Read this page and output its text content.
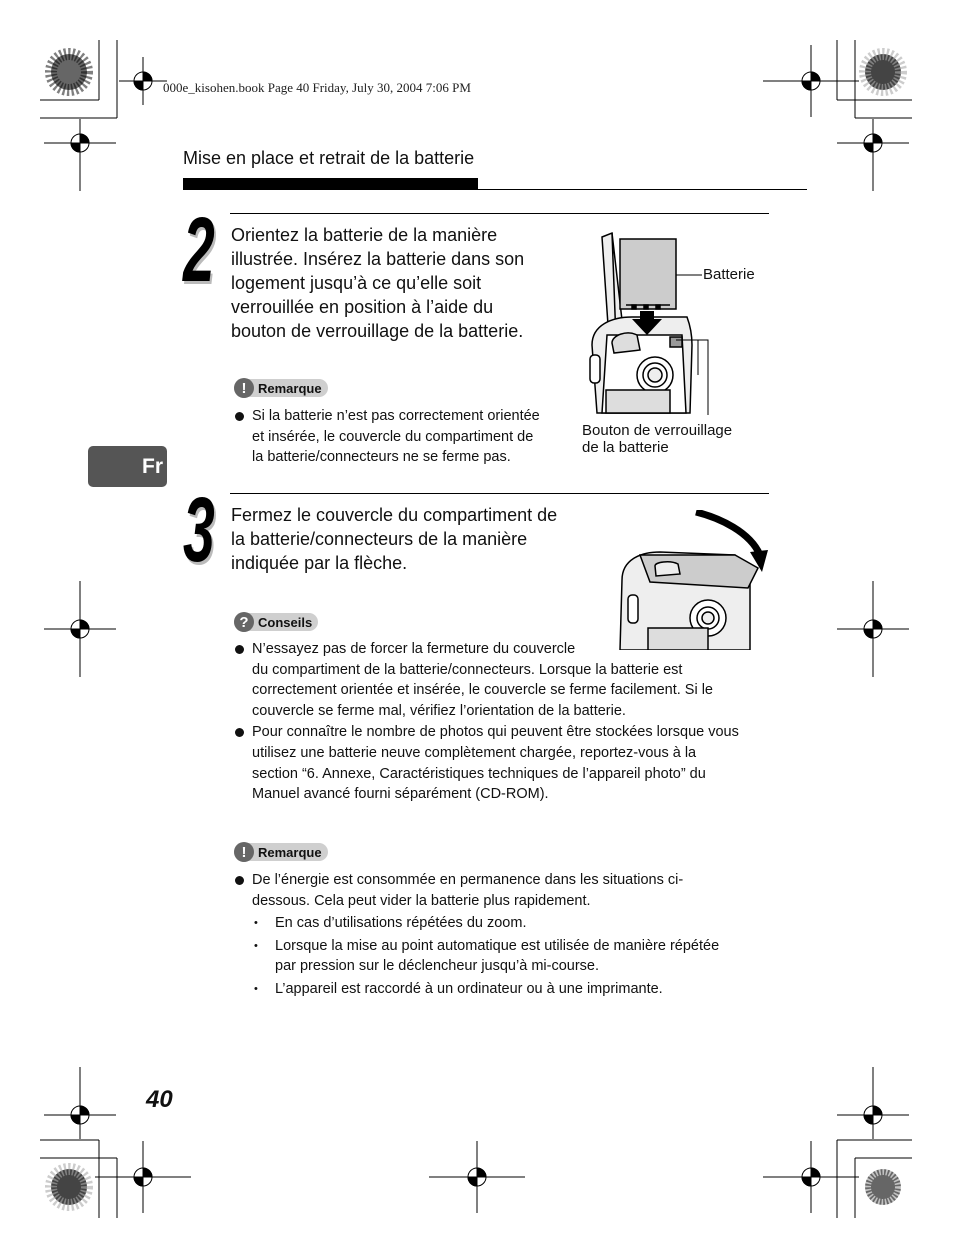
000e_kisohen.book Page 40 Friday, July 30, 2004 7:06 PM
Mise en place et retrait de la batterie
Fr
2 Orientez la batterie de la manière
illustrée. Insérez la batterie dans son
logement jusqu’à ce qu’elle soit
verrouillée en position à l’aide du
bouton de verrouillage de la batterie.
! Remarque
Si la batterie n’est pas correctement orientée
et insérée, le couvercle du compartiment de
la batterie/connecteurs ne se ferme pas.
Batterie
Bouton de verrouillage
de la batterie
3 Fermez le couvercle du compartiment de
la batterie/connecteurs de la manière
indiquée par la flèche.
? Conseils
N’essayez pas de forcer la fermeture du couvercle
du compartiment de la batterie/connecteurs. Lorsque la batterie est
correctement orientée et insérée, le couvercle se ferme facilement. Si le
couvercle se ferme mal, vérifiez l’orientation de la batterie.
Pour connaître le nombre de photos qui peuvent être stockées lorsque vous
utilisez une batterie neuve complètement chargée, reportez-vous à la
section “6. Annexe, Caractéristiques techniques de l’appareil photo” du
Manuel avancé fourni séparément (CD-ROM).
! Remarque
De l’énergie est consommée en permanence dans les situations ci-
dessous. Cela peut vider la batterie plus rapidement.
• En cas d’utilisations répétées du zoom.
• Lorsque la mise au point automatique est utilisée de manière répétée
par pression sur le déclencheur jusqu’à mi-course.
• L’appareil est raccordé à un ordinateur ou à une imprimante.
40
